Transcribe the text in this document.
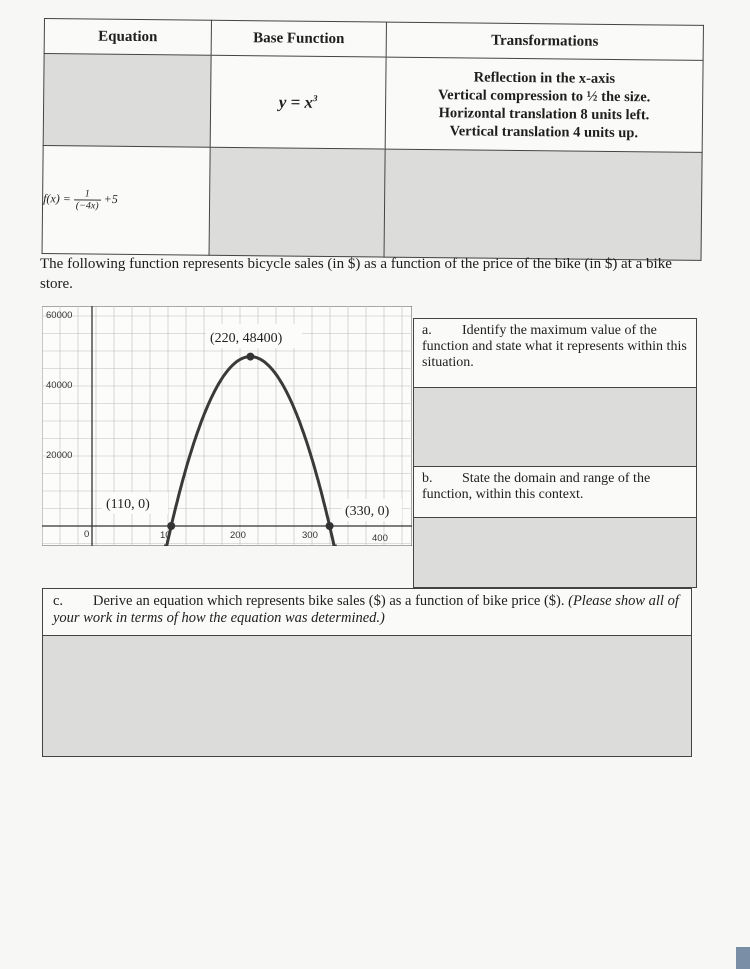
Equation	Base Function	Transformations
	$y = x^3$	Reflection in the x-axis
Vertical compression to ½ the size.
Horizontal translation 8 units left.
Vertical translation 4 units up.

$f(x) = \frac{1}{(-4x)} +5$		
The following function represents bicycle sales (in $) as a function of the price of the bike (in $) at a bike store.
60000
40000
20000
0	10	200	300	400
(220, 48400)
(110, 0)	(330, 0)
a. Identify the maximum value of the function and state what it represents within this situation.
b. State the domain and range of the function, within this context.
c. Derive an equation which represents bike sales ($) as a function of bike price ($). (Please show all of your work in terms of how the equation was determined.)
